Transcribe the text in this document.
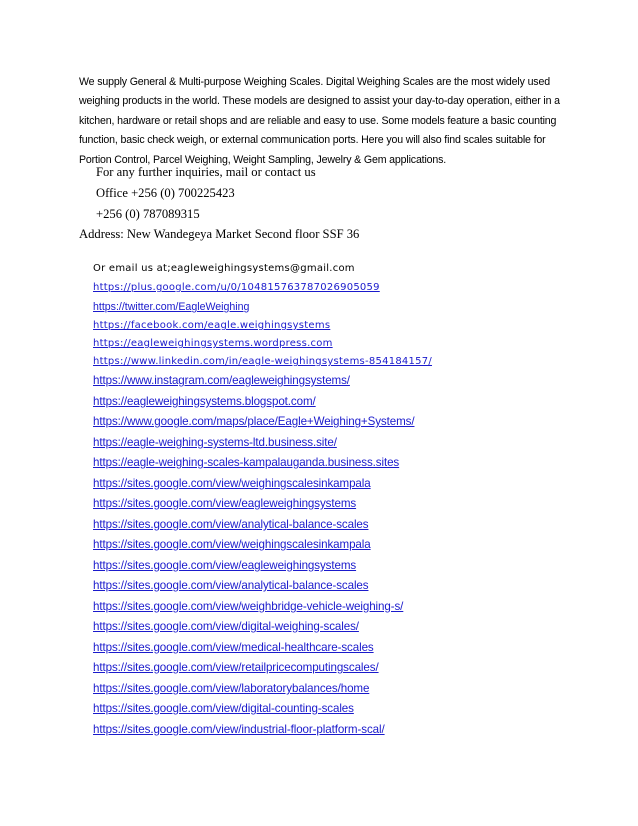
We supply General & Multi-purpose Weighing Scales. Digital Weighing Scales are the most widely used weighing products in the world. These models are designed to assist your day-to-day operation, either in a kitchen, hardware or retail shops and are reliable and easy to use. Some models feature a basic counting function, basic check weigh, or external communication ports. Here you will also find scales suitable for Portion Control, Parcel Weighing, Weight Sampling, Jewelry & Gem applications.
For any further inquiries, mail or contact us
Office +256 (0) 700225423
+256 (0) 787089315
Address: New Wandegeya Market Second floor SSF 36
Or email us at;eagleweighingsystems@gmail.com
https://plus.google.com/u/0/104815763787026905059
https://twitter.com/EagleWeighing
https://facebook.com/eagle.weighingsystems
https://eagleweighingsystems.wordpress.com
https://www.linkedin.com/in/eagle-weighingsystems-854184157/
https://www.instagram.com/eagleweighingsystems/
https://eagleweighingsystems.blogspot.com/
https://www.google.com/maps/place/Eagle+Weighing+Systems/
https://eagle-weighing-systems-ltd.business.site/
https://eagle-weighing-scales-kampalauganda.business.sites
https://sites.google.com/view/weighingscalesinkampala
https://sites.google.com/view/eagleweighingsystems
https://sites.google.com/view/analytical-balance-scales
https://sites.google.com/view/weighingscalesinkampala
https://sites.google.com/view/eagleweighingsystems
https://sites.google.com/view/analytical-balance-scales
https://sites.google.com/view/weighbridge-vehicle-weighing-s/
https://sites.google.com/view/digital-weighing-scales/
https://sites.google.com/view/medical-healthcare-scales
https://sites.google.com/view/retailpricecomputingscales/
https://sites.google.com/view/laboratorybalances/home
https://sites.google.com/view/digital-counting-scales
https://sites.google.com/view/industrial-floor-platform-scal/
